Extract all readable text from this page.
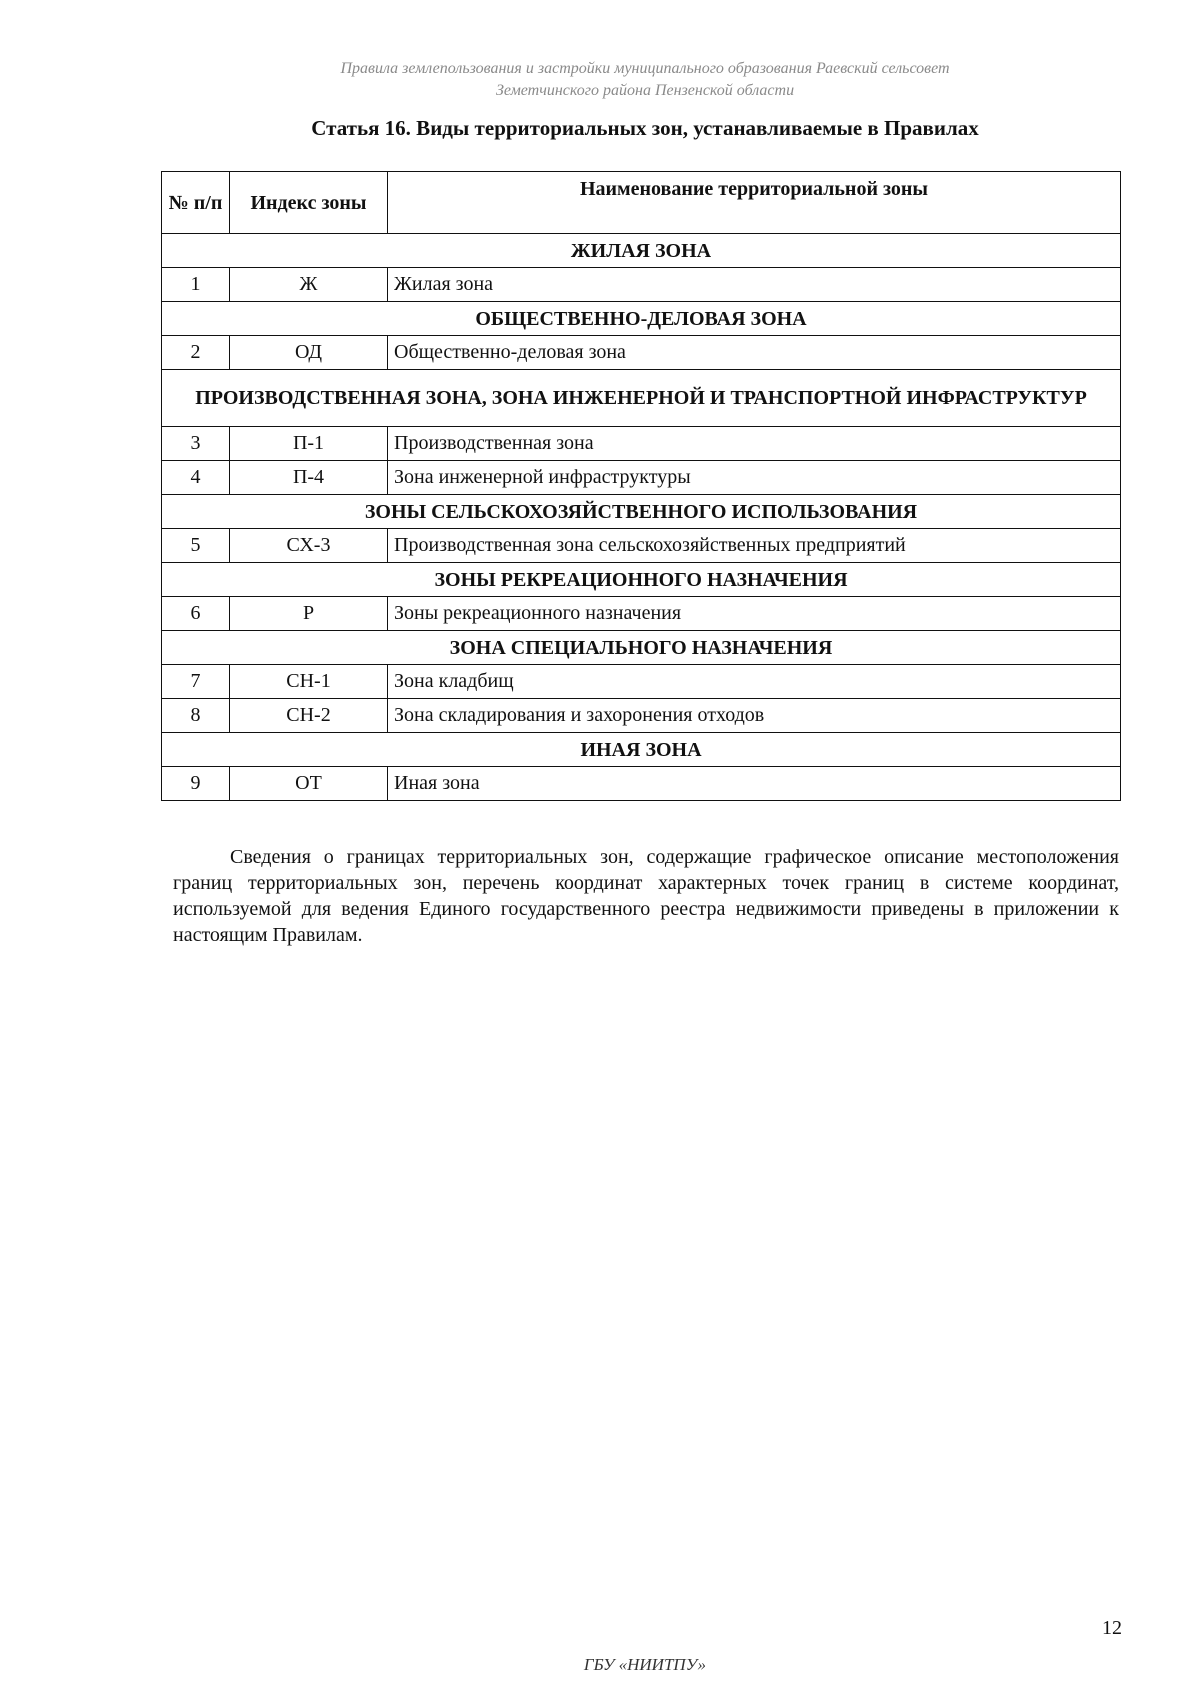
Правила землепользования и застройки муниципального образования Раевский сельсовет
Земетчинского района Пензенской области
Статья 16. Виды территориальных зон, устанавливаемые в Правилах
№ п/п	Индекс зоны	Наименование территориальной зоны
ЖИЛАЯ ЗОНА		
1	Ж	Жилая зона
ОБЩЕСТВЕННО-ДЕЛОВАЯ ЗОНА		
2	ОД	Общественно-деловая зона
ПРОИЗВОДСТВЕННАЯ ЗОНА, ЗОНА ИНЖЕНЕРНОЙ И ТРАНСПОРТНОЙ ИНФРАСТРУКТУР		
3	П-1	Производственная зона
4	П-4	Зона инженерной инфраструктуры
ЗОНЫ СЕЛЬСКОХОЗЯЙСТВЕННОГО ИСПОЛЬЗОВАНИЯ		
5	СХ-3	Производственная зона сельскохозяйственных предприятий
ЗОНЫ РЕКРЕАЦИОННОГО НАЗНАЧЕНИЯ		
6	Р	Зоны рекреационного назначения
ЗОНА СПЕЦИАЛЬНОГО НАЗНАЧЕНИЯ		
7	СН-1	Зона кладбищ
8	СН-2	Зона складирования и захоронения отходов
ИНАЯ ЗОНА		
9	ОТ	Иная зона
Сведения о границах территориальных зон, содержащие графическое описание местоположения границ территориальных зон, перечень координат характерных точек границ в системе координат, используемой для ведения Единого государственного реестра недвижимости приведены в приложении к настоящим Правилам.
12
ГБУ «НИИТПУ»
